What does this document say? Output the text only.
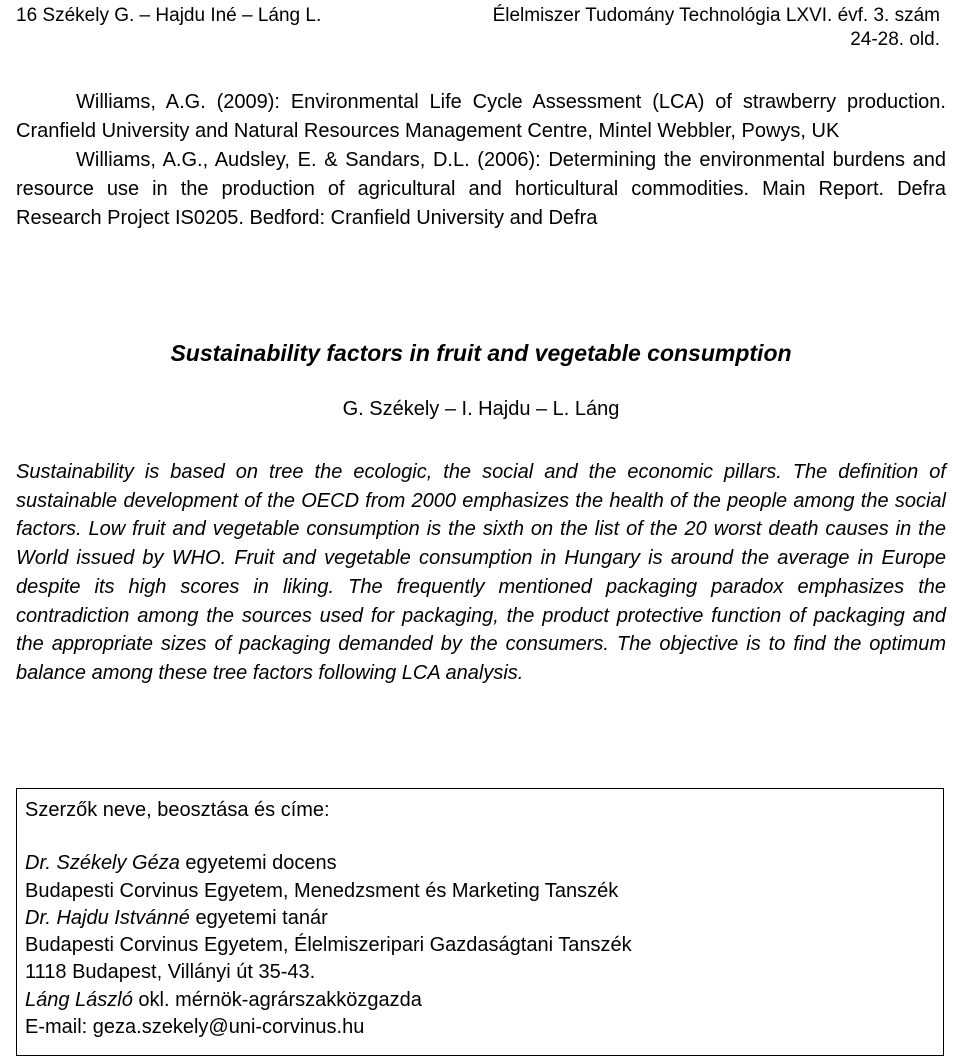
16 Székely G. – Hajdu Iné – Láng L.	Élelmiszer Tudomány Technológia LXVI. évf. 3. szám
24-28. old.
Williams, A.G. (2009): Environmental Life Cycle Assessment (LCA) of strawberry production. Cranfield University and Natural Resources Management Centre, Mintel Webbler, Powys, UK
Williams, A.G., Audsley, E. & Sandars, D.L. (2006): Determining the environmental burdens and resource use in the production of agricultural and horticultural commodities. Main Report. Defra Research Project IS0205. Bedford: Cranfield University and Defra
Sustainability factors in fruit and vegetable consumption
G. Székely – I. Hajdu – L. Láng
Sustainability is based on tree the ecologic, the social and the economic pillars. The definition of sustainable development of the OECD from 2000 emphasizes the health of the people among the social factors. Low fruit and vegetable consumption is the sixth on the list of the 20 worst death causes in the World issued by WHO. Fruit and vegetable consumption in Hungary is around the average in Europe despite its high scores in liking. The frequently mentioned packaging paradox emphasizes the contradiction among the sources used for packaging, the product protective function of packaging and the appropriate sizes of packaging demanded by the consumers. The objective is to find the optimum balance among these tree factors following LCA analysis.
Szerzők neve, beosztása és címe:
Dr. Székely Géza egyetemi docens
Budapesti Corvinus Egyetem, Menedzsment és Marketing Tanszék
Dr. Hajdu Istvánné egyetemi tanár
Budapesti Corvinus Egyetem, Élelmiszeripari Gazdaságtani Tanszék
1118 Budapest, Villányi út 35-43.
Láng László okl. mérnök-agrárszakközgazda
E-mail: geza.szekely@uni-corvinus.hu
